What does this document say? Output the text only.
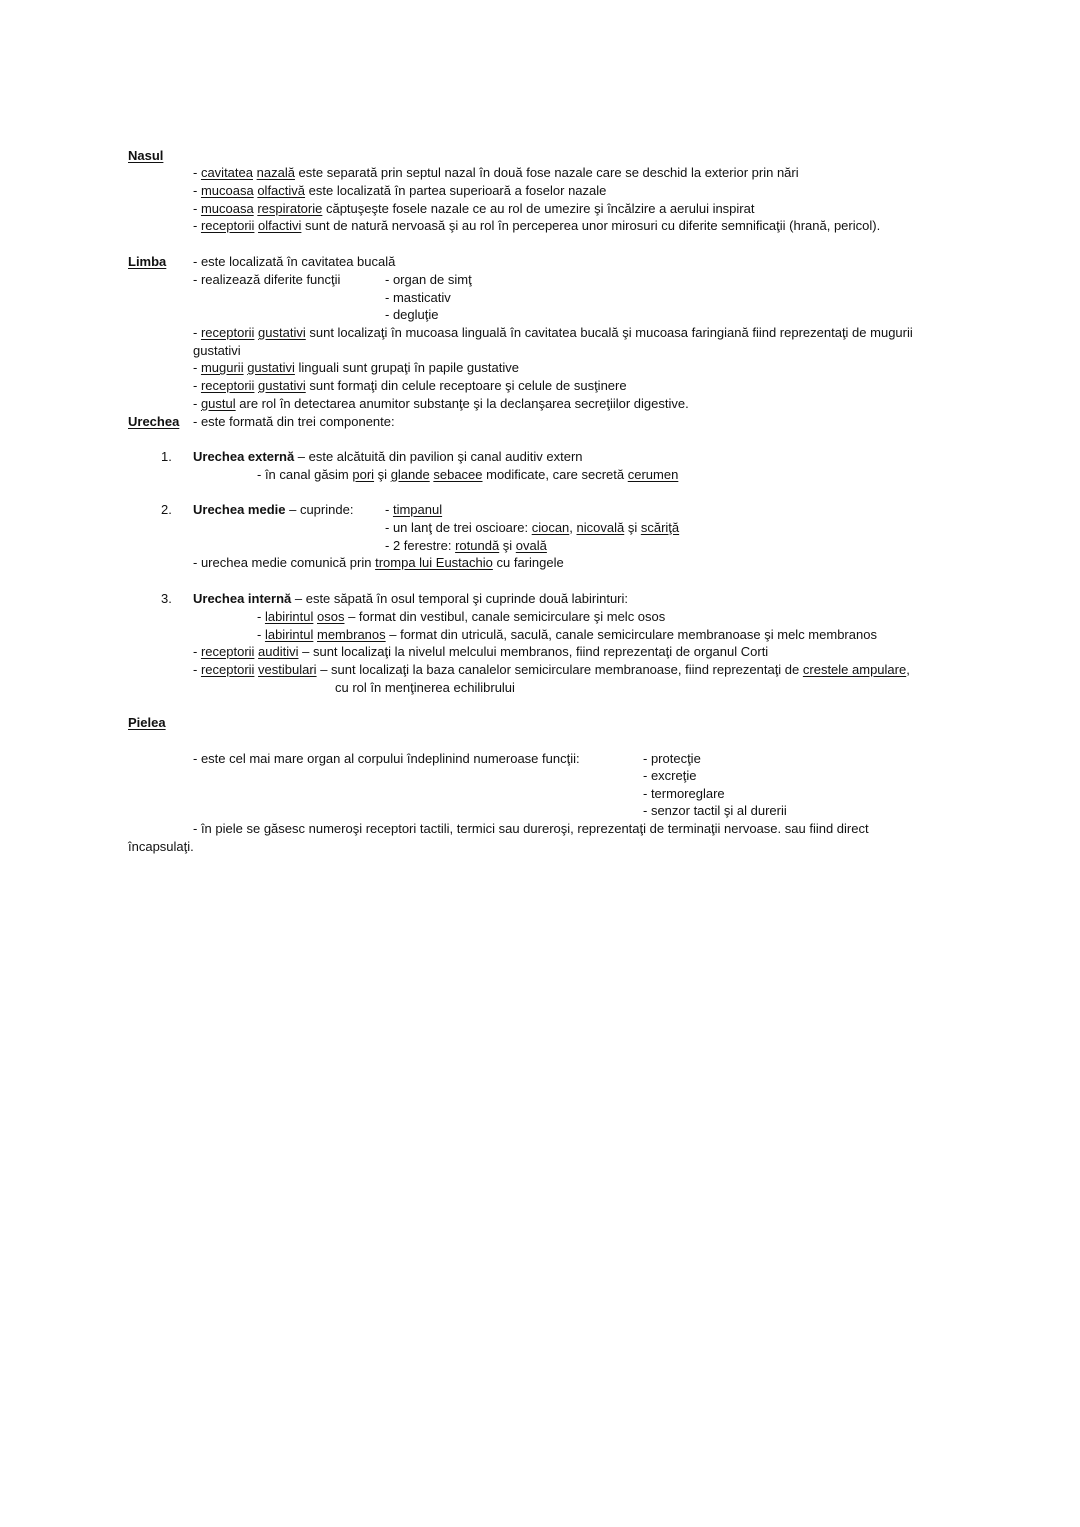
Nasul
- cavitatea nazală este separată prin septul nazal în două fose nazale care se deschid la exterior prin nări
- mucoasa olfactivă este localizată în partea superioară a foselor nazale
- mucoasa respiratorie căptuşeşte fosele nazale ce au rol de umezire şi încălzire a aerului inspirat
- receptorii olfactivi sunt de natură nervoasă şi au rol în perceperea unor mirosuri cu diferite semnificaţii (hrană, pericol).
Limba - este localizată în cavitatea bucală
- realizează diferite funcţii	- organ de simţ
- masticativ
- degluţie
- receptorii gustativi sunt localizaţi în mucoasa linguală în cavitatea bucală şi mucoasa faringiană fiind reprezentaţi de mugurii
gustativi
- mugurii gustativi linguali sunt grupaţi în papile gustative
- receptorii gustativi sunt formaţi din celule receptoare şi celule de susţinere
- gustul are rol în detectarea anumitor substanţe şi la declanşarea secreţiilor digestive.
Urechea - este formată din trei componente:
1. Urechea externă – este alcătuită din pavilion şi canal auditiv extern
- în canal găsim pori şi glande sebacee modificate, care secretă cerumen
2. Urechea medie – cuprinde: - timpanul
- un lanţ de trei oscioare: ciocan, nicovală şi scăriţă
- 2 ferestre: rotundă şi ovală
- urechea medie comunică prin trompa lui Eustachio cu faringele
3. Urechea internă – este săpată în osul temporal şi cuprinde două labirinturi:
- labirintul osos – format din vestibul, canale semicirculare şi melc osos
- labirintul membranos – format din utriculă, saculă, canale semicirculare membranoase şi melc membranos
- receptorii auditivi – sunt localizaţi la nivelul melcului membranos, fiind reprezentaţi de organul Corti
- receptorii vestibulari – sunt localizaţi la baza canalelor semicirculare membranoase, fiind reprezentaţi de crestele ampulare,
cu rol în menţinerea echilibrului
Pielea
- este cel mai mare organ al corpului îndeplinind numeroase funcţii:	- protecţie
- excreţie
- termoreglare
- senzor tactil şi al durerii
- în piele se găsesc numeroşi receptori tactili, termici sau dureroşi, reprezentaţi de terminaţii nervoase. sau fiind direct
încapsulaţi.
